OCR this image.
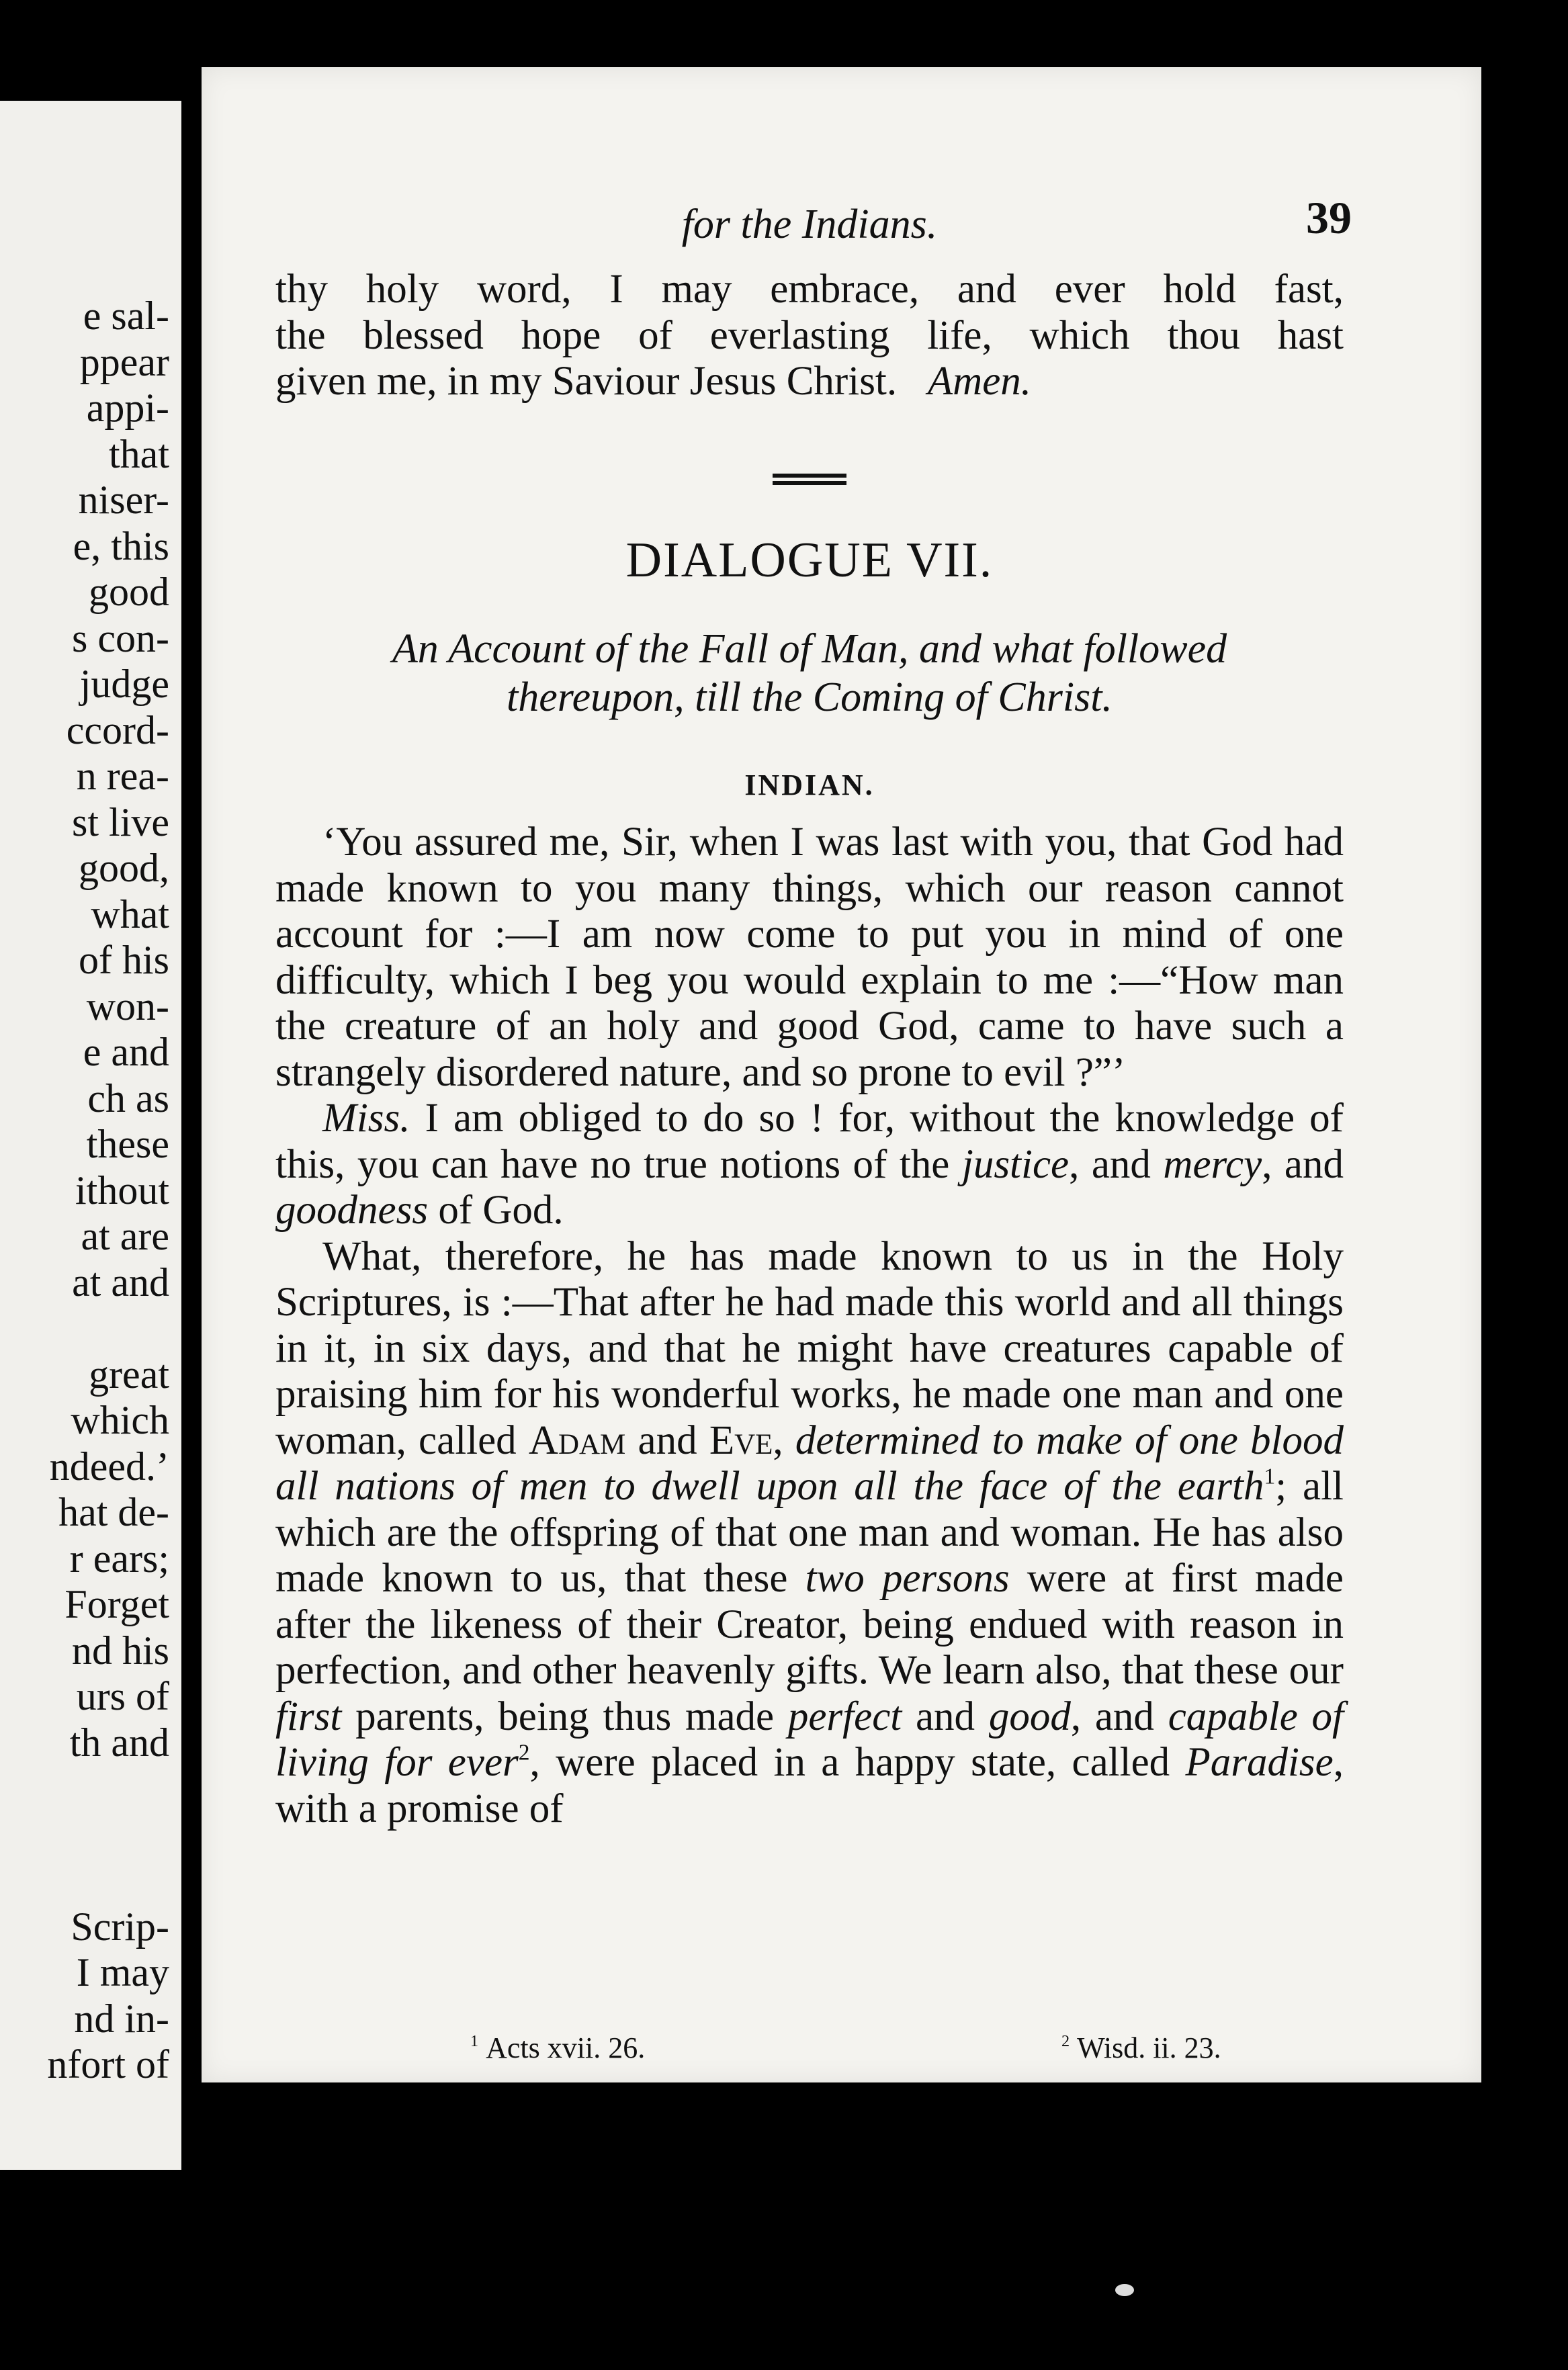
e sal-
ppear
appi-
that
niser-
e, this
good
s con-
judge
ccord-
n rea-
st live
good,
what
of his
won-
e and
ch as
these
ithout
at are
at and
great
which
ndeed.’
hat de-
r ears;
Forget
nd his
urs of
th and
Scrip-
I may
nd in-
nfort of
for the Indians.	39

thy holy word, I may embrace, and ever hold fast,

the blessed hope of everlasting life, which thou hast

given me, in my Saviour Jesus Christ. Amen.

DIALOGUE VII.
An Account of the Fall of Man, and what followed
thereupon, till the Coming of Christ.
INDIAN.

‘You assured me, Sir, when I was last with you, that God had made known to you many things, which our reason cannot account for :—I am now come to put you in mind of one difficulty, which I beg you would explain to me :—“How man the creature of an holy and good God, came to have such a strangely disordered nature, and so prone to evil ?”’

Miss. I am obliged to do so ! for, without the knowledge of this, you can have no true notions of the justice, and mercy, and goodness of God.

What, therefore, he has made known to us in the Holy Scriptures, is :—That after he had made this world and all things in it, in six days, and that he might have creatures capable of praising him for his wonderful works, he made one man and one woman, called Adam and Eve, determined to make of one blood all nations of men to dwell upon all the face of the earth$^1$; all which are the offspring of that one man and woman. He has also made known to us, that these two persons were at first made after the likeness of their Creator, being endued with reason in perfection, and other heavenly gifts. We learn also, that these our first parents, being thus made perfect and good, and capable of living for ever$^2$, were placed in a happy state, called Paradise, with a promise of

$^1$ Acts xvii. 26.	$^2$ Wisd. ii. 23.
